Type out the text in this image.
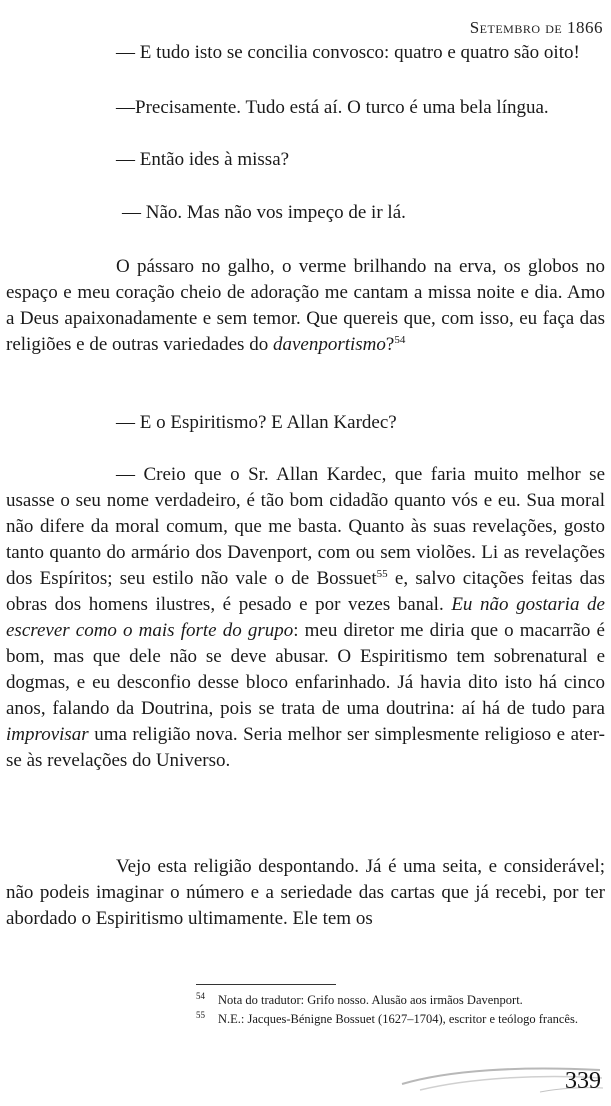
Setembro de 1866

— E tudo isto se concilia convosco: quatro e quatro são oito!

—Precisamente. Tudo está aí. O turco é uma bela língua.

— Então ides à missa?

— Não. Mas não vos impeço de ir lá.

O pássaro no galho, o verme brilhando na erva, os globos no espaço e meu coração cheio de adoração me cantam a missa noite e dia. Amo a Deus apaixonadamente e sem temor. Que quereis que, com isso, eu faça das religiões e de outras variedades do davenportismo?$^{54}$

— E o Espiritismo? E Allan Kardec?

— Creio que o Sr. Allan Kardec, que faria muito melhor se usasse o seu nome verdadeiro, é tão bom cidadão quanto vós e eu. Sua moral não difere da moral comum, que me basta. Quanto às suas revelações, gosto tanto quanto do armário dos Davenport, com ou sem violões. Li as revelações dos Espíritos; seu estilo não vale o de Bossuet$^{55}$ e, salvo citações feitas das obras dos homens ilustres, é pesado e por vezes banal. Eu não gostaria de escrever como o mais forte do grupo: meu diretor me diria que o macarrão é bom, mas que dele não se deve abusar. O Espiritismo tem sobrenatural e dogmas, e eu desconfio desse bloco enfarinhado. Já havia dito isto há cinco anos, falando da Doutrina, pois se trata de uma doutrina: aí há de tudo para improvisar uma religião nova. Seria melhor ser simplesmente religioso e ater-se às revelações do Universo.

Vejo esta religião despontando. Já é uma seita, e considerável; não podeis imaginar o número e a seriedade das cartas que já recebi, por ter abordado o Espiritismo ultimamente. Ele tem os

54	Nota do tradutor: Grifo nosso. Alusão aos irmãos Davenport.

55	N.E.: Jacques-Bénigne Bossuet (1627–1704), escritor e teólogo francês.

339
